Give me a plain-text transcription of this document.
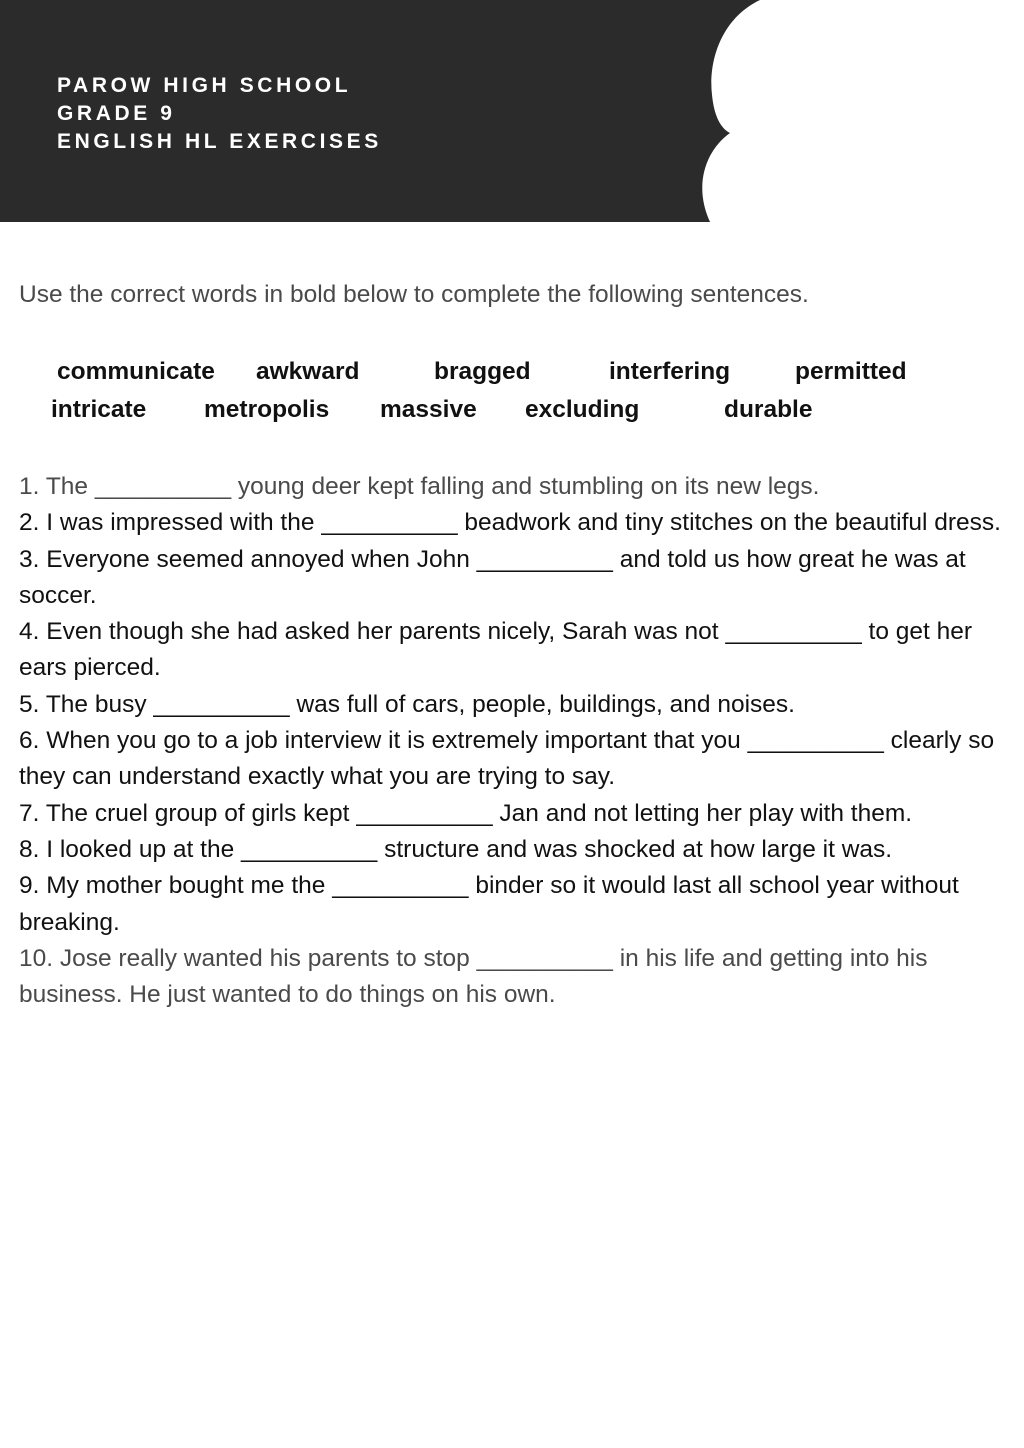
PAROW HIGH SCHOOL
GRADE 9
ENGLISH HL EXERCISES
Use the correct words in bold below to complete the following sentences.
communicate awkward	bragged	interfering	permitted
intricate metropolis massive excluding	durable

1. The __________ young deer kept falling and stumbling on its new legs.

2. I was impressed with the __________ beadwork and tiny stitches on the beautiful dress.

3. Everyone seemed annoyed when John __________ and told us how great he was at soccer.

4. Even though she had asked her parents nicely, Sarah was not __________ to get her ears pierced.

5. The busy __________ was full of cars, people, buildings, and noises.

6. When you go to a job interview it is extremely important that you __________ clearly so they can understand exactly what you are trying to say.

7. The cruel group of girls kept __________ Jan and not letting her play with them.

8. I looked up at the __________ structure and was shocked at how large it was.

9. My mother bought me the __________ binder so it would last all school year without breaking.

10. Jose really wanted his parents to stop __________ in his life and getting into his business. He just wanted to do things on his own.
